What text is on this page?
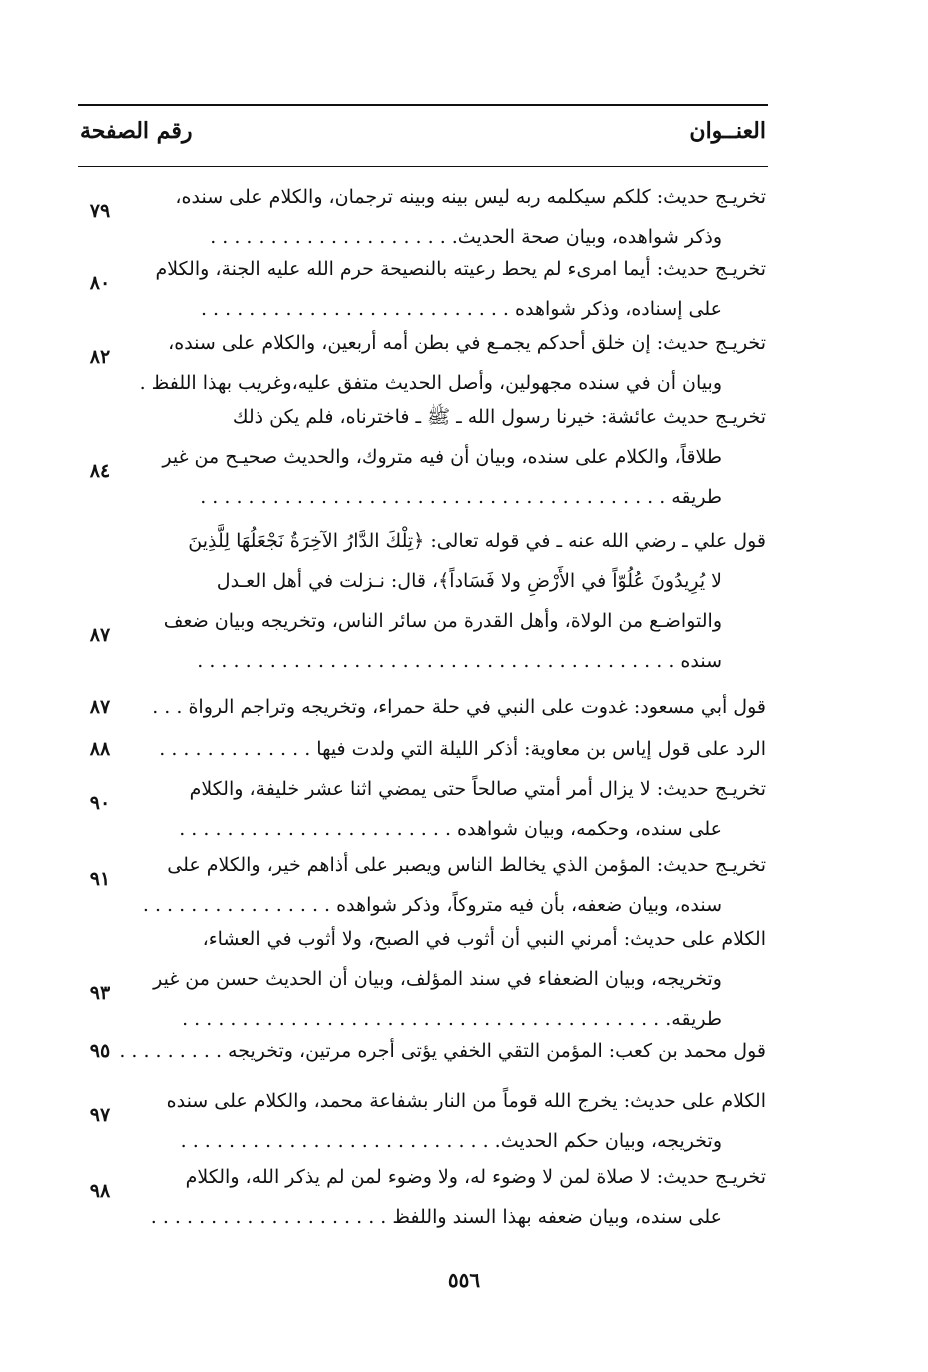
العنــوان
رقم الصفحة
تخريـج حديث: كلكم سيكلمه ربه ليس بينه وبينه ترجمان، والكلام على سنده،
وذكر شواهده، وبيان صحة الحديث. . . . . . . . . . . . . . . . . . . . .
٧٩
تخريـج حديث: أيما امرىء لم يحط رعيته بالنصيحة حرم الله عليه الجنة، والكلام
على إسناده، وذكر شواهده . . . . . . . . . . . . . . . . . . . . . . . . . .
٨٠
تخريـج حديث: إن خلق أحدكم يجمـع في بطن أمه أربعين، والكلام على سنده،
وبيان أن في سنده مجهولين، وأصل الحديث متفق عليه،وغريب بهذا اللفظ .
٨٢
تخريـج حديث عائشة: خيرنا رسول الله ـ ﷺ ـ فاخترناه، فلم يكن ذلك
طلاقاً، والكلام على سنده، وبيان أن فيه متروك، والحديث صحيـح من غير
طريقه . . . . . . . . . . . . . . . . . . . . . . . . . . . . . . . . . . . . . . .
٨٤
قول علي ـ رضي الله عنه ـ في قوله تعالى: ﴿تِلْكَ الدَّارُ الآخِرَةُ نَجْعَلُهَا لِلَّذِينَ
لا يُرِيدُونَ عُلُوّاً في الأَرْضِ ولا فَسَاداً﴾، قال: نـزلت في أهل العـدل
والتواضـع من الولاة، وأهل القدرة من سائر الناس، وتخريجه وبيان ضعف
سنده . . . . . . . . . . . . . . . . . . . . . . . . . . . . . . . . . . . . . . . .
٨٧
قول أبي مسعود: غدوت على النبي في حلة حمراء، وتخريجه وتراجم الرواة . . .
٨٧
الرد على قول إياس بن معاوية: أذكر الليلة التي ولدت فيها . . . . . . . . . . . . .
٨٨
تخريـج حديث: لا يزال أمر أمتي صالحاً حتى يمضي اثنا عشر خليفة، والكلام
على سنده، وحكمه، وبيان شواهده . . . . . . . . . . . . . . . . . . . . . . .
٩٠
تخريـج حديث: المؤمن الذي يخالط الناس ويصبر على أذاهم خير، والكلام على
سنده، وبيان ضعفه، بأن فيه متروكاً، وذكر شواهده . . . . . . . . . . . . . . . .
٩١
الكلام على حديث: أمرني النبي أن أثوب في الصبح، ولا أثوب في العشاء،
وتخريجه، وبيان الضعفاء في سند المؤلف، وبيان أن الحديث حسن من غير
طريقه. . . . . . . . . . . . . . . . . . . . . . . . . . . . . . . . . . . . . . . . .
٩٣
قول محمد بن كعب: المؤمن التقي الخفي يؤتى أجره مرتين، وتخريجه . . . . . . . . .
٩٥
الكلام على حديث: يخرج الله قوماً من النار بشفاعة محمد، والكلام على سنده
وتخريجه، وبيان حكم الحديث. . . . . . . . . . . . . . . . . . . . . . . . . . .
٩٧
تخريـج حديث: لا صلاة لمن لا وضوء له، ولا وضوء لمن لم يذكر الله، والكلام
على سنده، وبيان ضعفه بهذا السند واللفظ . . . . . . . . . . . . . . . . . . . .
٩٨
٥٥٦
